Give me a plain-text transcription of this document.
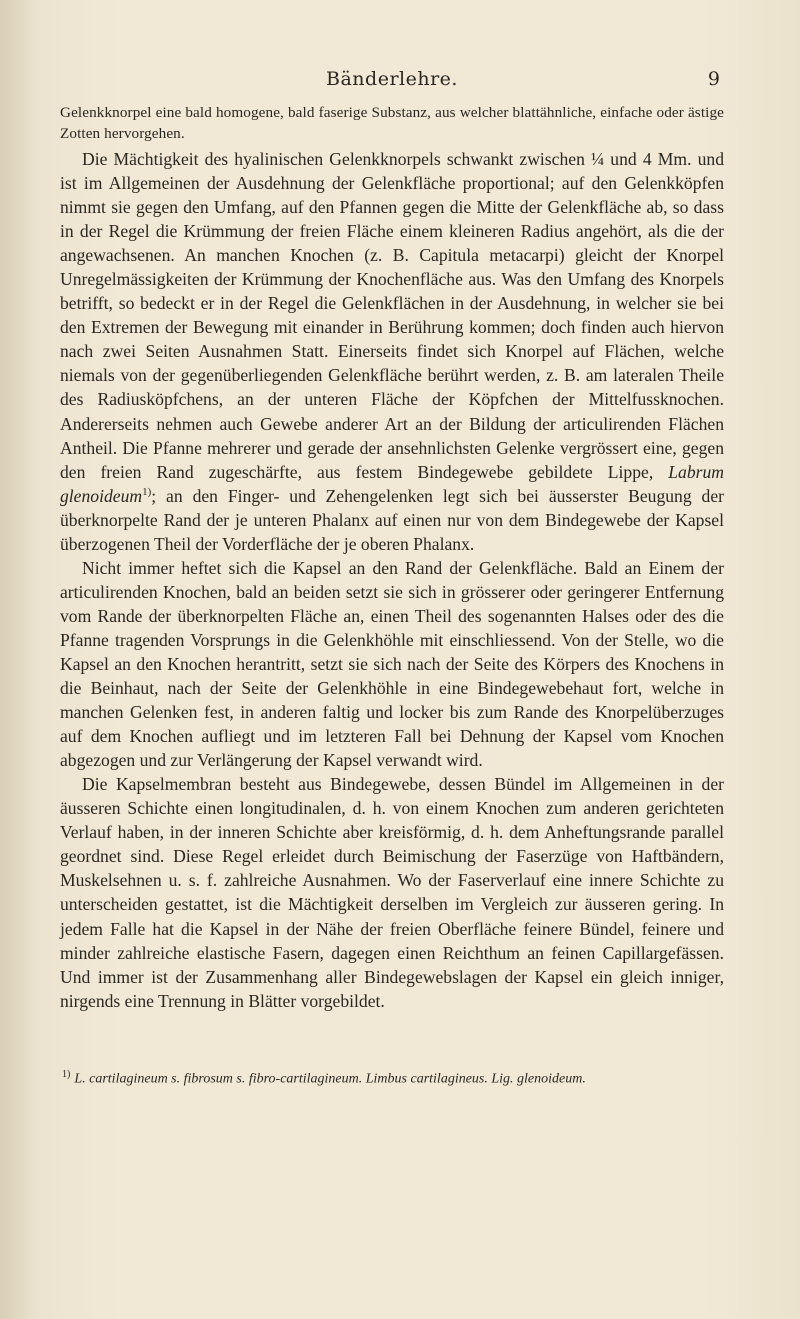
Bänderlehre.	9

Gelenkknorpel eine bald homogene, bald faserige Substanz, aus welcher blattähnliche, einfache oder ästige Zotten hervorgehen.

Die Mächtigkeit des hyalinischen Gelenkknorpels schwankt zwischen ¼ und 4 Mm. und ist im Allgemeinen der Ausdehnung der Gelenkfläche proportional; auf den Gelenkköpfen nimmt sie gegen den Umfang, auf den Pfannen gegen die Mitte der Gelenkfläche ab, so dass in der Regel die Krümmung der freien Fläche einem kleineren Radius angehört, als die der angewachsenen. An manchen Knochen (z. B. Capitula metacarpi) gleicht der Knorpel Unregelmässigkeiten der Krümmung der Knochenfläche aus. Was den Umfang des Knorpels betrifft, so bedeckt er in der Regel die Gelenkflächen in der Ausdehnung, in welcher sie bei den Extremen der Bewegung mit einander in Berührung kommen; doch finden auch hiervon nach zwei Seiten Ausnahmen Statt. Einerseits findet sich Knorpel auf Flächen, welche niemals von der gegenüberliegenden Gelenkfläche berührt werden, z. B. am lateralen Theile des Radiusköpfchens, an der unteren Fläche der Köpfchen der Mittelfussknochen. Andererseits nehmen auch Gewebe anderer Art an der Bildung der articulirenden Flächen Antheil. Die Pfanne mehrerer und gerade der ansehnlichsten Gelenke vergrössert eine, gegen den freien Rand zugeschärfte, aus festem Bindegewebe gebildete Lippe, Labrum glenoideum$^{1)}$; an den Finger- und Zehengelenken legt sich bei äusserster Beugung der überknorpelte Rand der je unteren Phalanx auf einen nur von dem Bindegewebe der Kapsel überzogenen Theil der Vorderfläche der je oberen Phalanx.

Nicht immer heftet sich die Kapsel an den Rand der Gelenkfläche. Bald an Einem der articulirenden Knochen, bald an beiden setzt sie sich in grösserer oder geringerer Entfernung vom Rande der überknorpelten Fläche an, einen Theil des sogenannten Halses oder des die Pfanne tragenden Vorsprungs in die Gelenkhöhle mit einschliessend. Von der Stelle, wo die Kapsel an den Knochen herantritt, setzt sie sich nach der Seite des Körpers des Knochens in die Beinhaut, nach der Seite der Gelenkhöhle in eine Bindegewebehaut fort, welche in manchen Gelenken fest, in anderen faltig und locker bis zum Rande des Knorpelüberzuges auf dem Knochen aufliegt und im letzteren Fall bei Dehnung der Kapsel vom Knochen abgezogen und zur Verlängerung der Kapsel verwandt wird.

Die Kapselmembran besteht aus Bindegewebe, dessen Bündel im Allgemeinen in der äusseren Schichte einen longitudinalen, d. h. von einem Knochen zum anderen gerichteten Verlauf haben, in der inneren Schichte aber kreisförmig, d. h. dem Anheftungsrande parallel geordnet sind. Diese Regel erleidet durch Beimischung der Faserzüge von Haftbändern, Muskelsehnen u. s. f. zahlreiche Ausnahmen. Wo der Faserverlauf eine innere Schichte zu unterscheiden gestattet, ist die Mächtigkeit derselben im Vergleich zur äusseren gering. In jedem Falle hat die Kapsel in der Nähe der freien Oberfläche feinere Bündel, feinere und minder zahlreiche elastische Fasern, dagegen einen Reichthum an feinen Capillargefässen. Und immer ist der Zusammenhang aller Bindegewebslagen der Kapsel ein gleich inniger, nirgends eine Trennung in Blätter vorgebildet.

$^{1)}$ L. cartilagineum s. fibrosum s. fibro-cartilagineum. Limbus cartilagineus. Lig. glenoideum.
